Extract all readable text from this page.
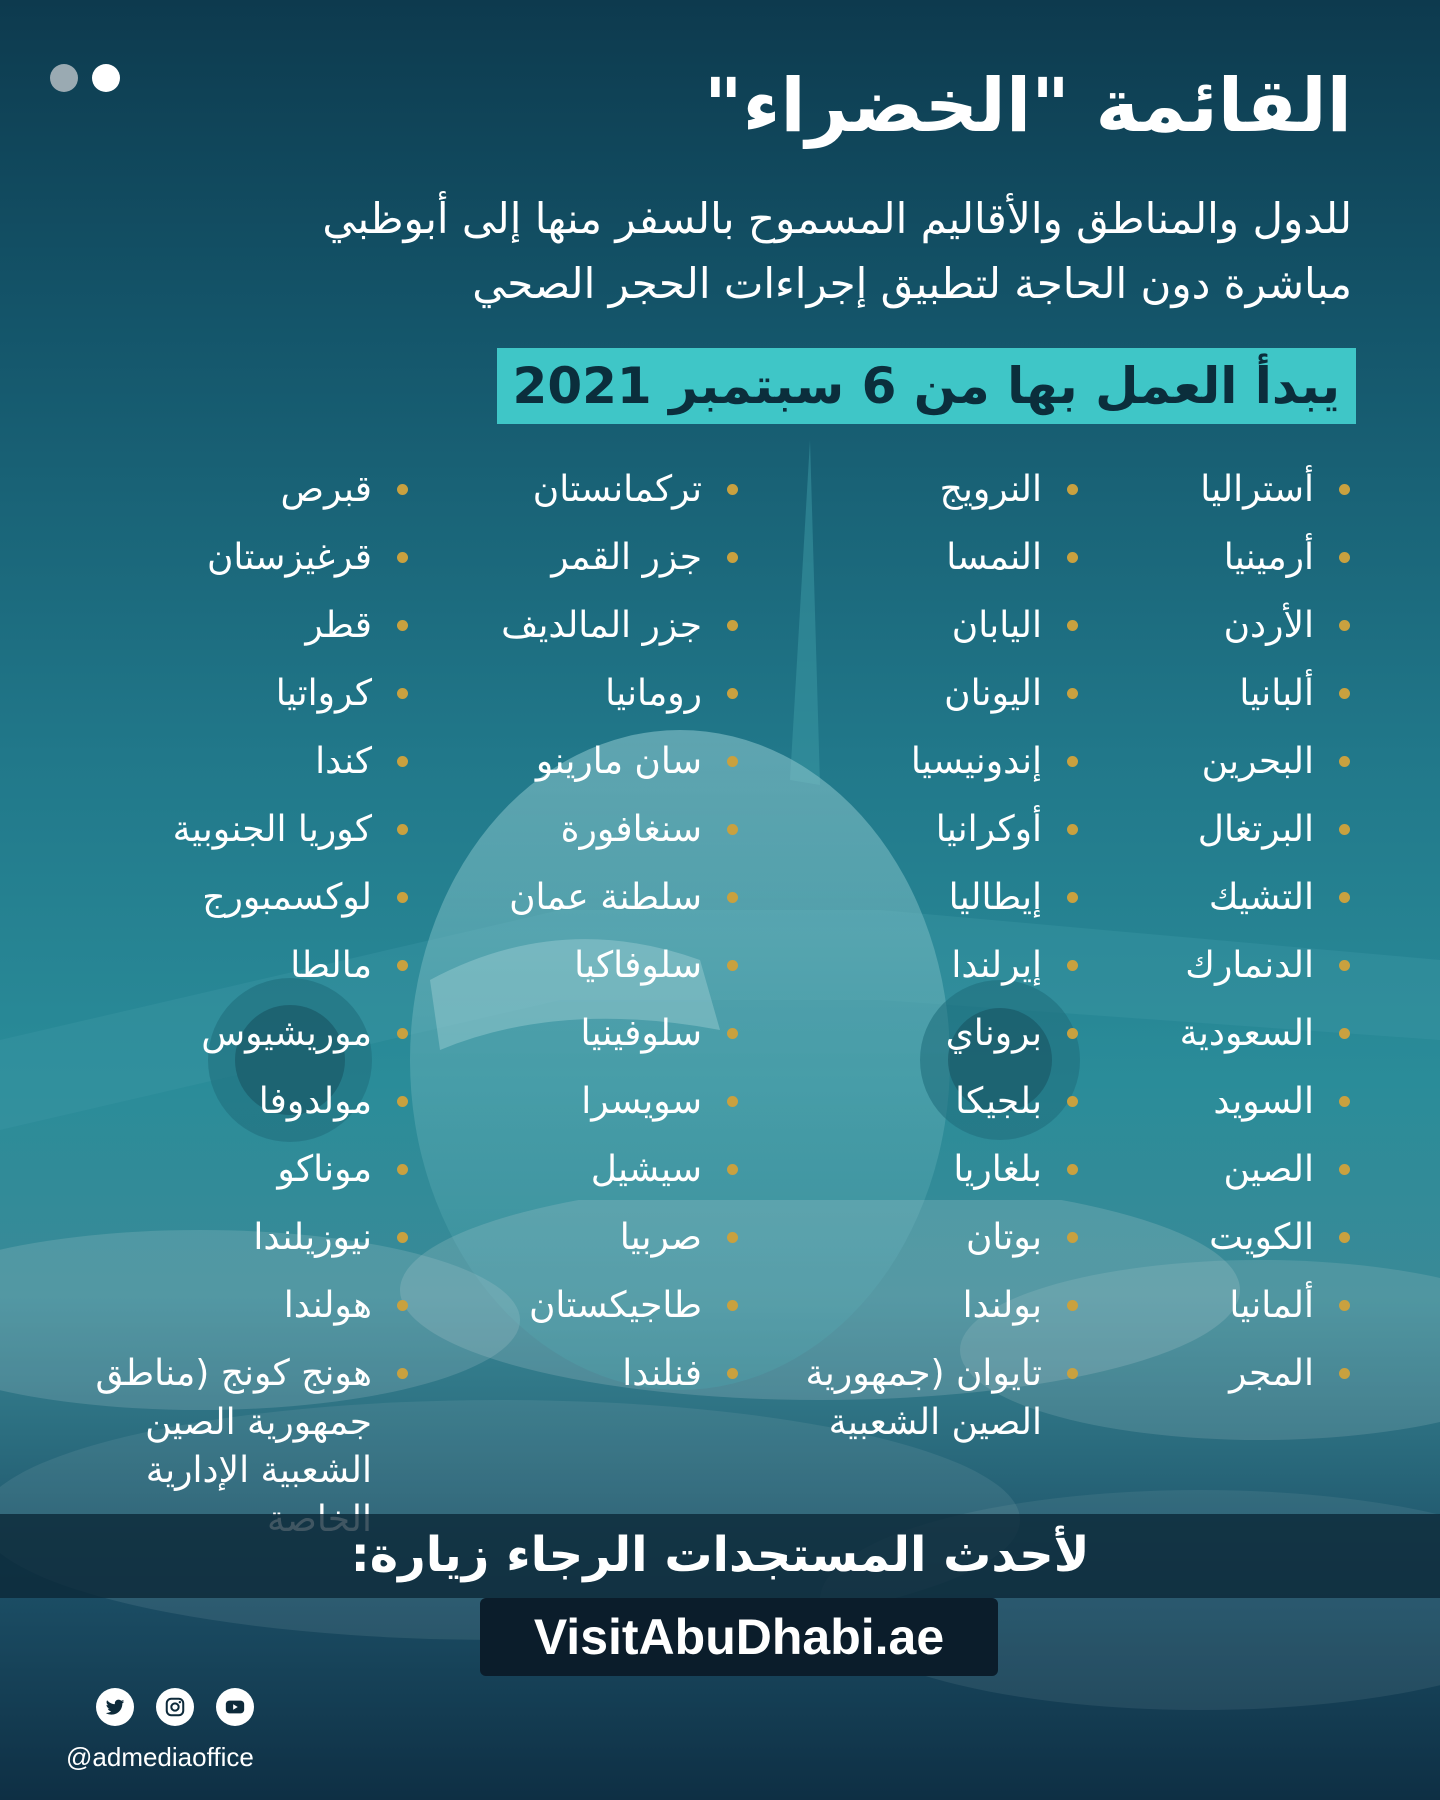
القائمة "الخضراء"

للدول والمناطق والأقاليم المسموح بالسفر منها إلى أبوظبي مباشرة دون الحاجة لتطبيق إجراءات الحجر الصحي

يبدأ العمل بها من 6 سبتمبر 2021
أستراليا
أرمينيا
الأردن
ألبانيا
البحرين
البرتغال
التشيك
الدنمارك
السعودية
السويد
الصين
الكويت
ألمانيا
المجر
النرويج
النمسا
اليابان
اليونان
إندونيسيا
أوكرانيا
إيطاليا
إيرلندا
بروناي
بلجيكا
بلغاريا
بوتان
بولندا
تايوان (جمهورية الصين الشعبية
تركمانستان
جزر القمر
جزر المالديف
رومانيا
سان مارينو
سنغافورة
سلطنة عمان
سلوفاكيا
سلوفينيا
سويسرا
سيشيل
صربيا
طاجيكستان
فنلندا
قبرص
قرغيزستان
قطر
كرواتيا
كندا
كوريا الجنوبية
لوكسمبورج
مالطا
موريشيوس
مولدوفا
موناكو
نيوزيلندا
هولندا
هونج كونج (مناطق جمهورية الصين الشعبية الإدارية

لأحدث المستجدات الرجاء زيارة:

VisitAbuDhabi.ae

@admediaoffice
